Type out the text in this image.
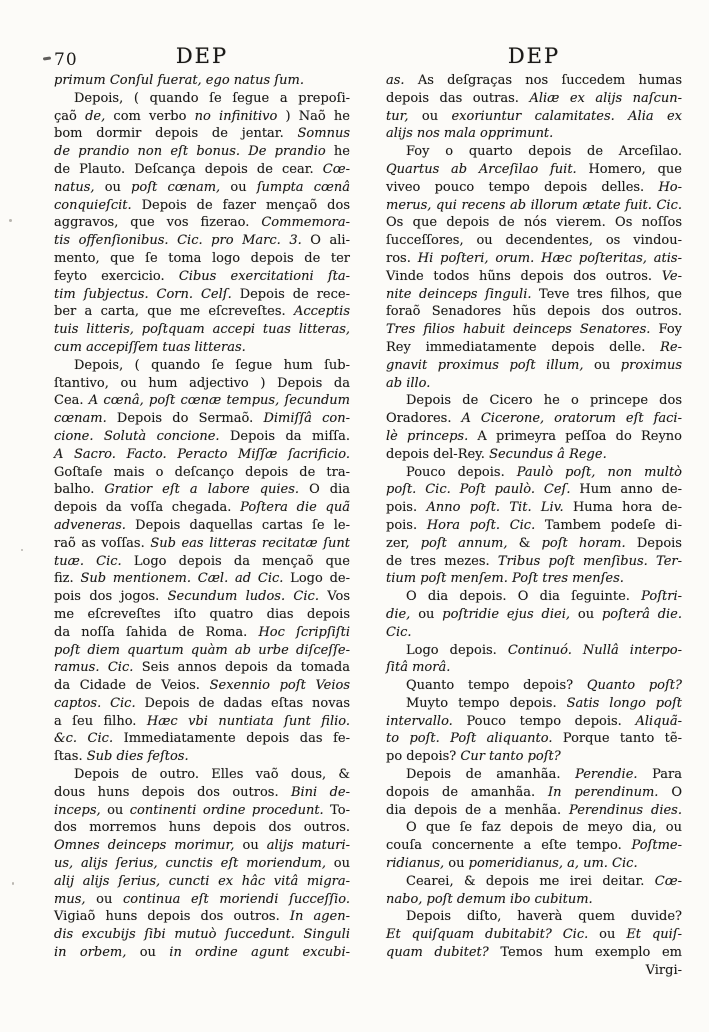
70	DEP	DEP
primum Conſul fuerat, ego natus ſum.
Depois, ( quando ſe ſegue a prepoſi-
çaõ de, com verbo no infinitivo ) Naõ he
bom dormir depois de jentar. Somnus
de prandio non eſt bonus. De prandio he
de Plauto. Deſcança depois de cear. Cœ-
natus, ou poſt cœnam, ou ſumpta cœnâ
conquieſcit. Depois de fazer mençaõ dos
aggravos, que vos fizerao. Commemora-
tis offenſionibus. Cic. pro Marc. 3. O ali-
mento, que ſe toma logo depois de ter
feyto exercicio. Cibus exercitationi ſta-
tim ſubjectus. Corn. Celſ. Depois de rece-
ber a carta, que me eſcreveſtes. Acceptis
tuis litteris, poſtquam accepi tuas litteras,
cum accepiſſem tuas litteras.
Depois, ( quando ſe ſegue hum ſub-
ſtantivo, ou hum adjectivo ) Depois da
Cea. A cœnâ, poſt cœnæ tempus, ſecundum
cœnam. Depois do Sermaõ. Dimiſſâ con-
cione. Solutà concione. Depois da miſſa.
A Sacro. Facto. Peracto Miſſæ ſacrificio.
Goſtaſe mais o deſcanço depois de tra-
balho. Gratior eſt a labore quies. O dia
depois da voſſa chegada. Poſtera die quã
adveneras. Depois daquellas cartas ſe le-
raõ as voſſas. Sub eas litteras recitatæ ſunt
tuæ. Cic. Logo depois da mençaõ que
fiz. Sub mentionem. Cæl. ad Cic. Logo de-
pois dos jogos. Secundum ludos. Cic. Vos
me eſcreveſtes iſto quatro dias depois
da noſſa ſahida de Roma. Hoc ſcripſiſti
poſt diem quartum quàm ab urbe diſceſſe-
ramus. Cic. Seis annos depois da tomada
da Cidade de Veios. Sexennio poſt Veios
captos. Cic. Depois de dadas eſtas novas
a ſeu filho. Hæc vbi nuntiata ſunt filio.
&c. Cic. Immediatamente depois das fe-
ſtas. Sub dies feſtos.
Depois de outro. Elles vaõ dous, &
dous huns depois dos outros. Bini de-
inceps, ou continenti ordine procedunt. To-
dos morremos huns depois dos outros.
Omnes deinceps morimur, ou alijs maturi-
us, alijs ſerius, cunctis eſt moriendum, ou
alij alijs ſerius, cuncti ex hâc vitâ migra-
mus, ou continua eſt moriendi ſucceſſio.
Vigiaõ huns depois dos outros. In agen-
dis excubijs ſibi mutuò ſuccedunt. Singuli
in orbem, ou in ordine agunt excubi-
as. As deſgraças nos ſuccedem humas
depois das outras. Aliæ ex alijs naſcun-
tur, ou exoriuntur calamitates. Alia ex
alijs nos mala opprimunt.
Foy o quarto depois de Arceſilao.
Quartus ab Arceſilao fuit. Homero, que
viveo pouco tempo depois delles. Ho-
merus, qui recens ab illorum ætate fuit. Cic.
Os que depois de nós vierem. Os noſſos
ſucceſſores, ou decendentes, os vindou-
ros. Hi poſteri, orum. Hæc poſteritas, atis-
Vinde todos hũns depois dos outros. Ve-
nite deinceps ſinguli. Teve tres filhos, que
foraõ Senadores hũs depois dos outros.
Tres filios habuit deinceps Senatores. Foy
Rey immediatamente depois delle. Re-
gnavit proximus poſt illum, ou proximus
ab illo.
Depois de Cicero he o princepe dos
Oradores. A Cicerone, oratorum eſt faci-
lè princeps. A primeyra peſſoa do Reyno
depois del-Rey. Secundus â Rege.
Pouco depois. Paulò poſt, non multò
poſt. Cic. Poſt paulò. Ceſ. Hum anno de-
pois. Anno poſt. Tit. Liv. Huma hora de-
pois. Hora poſt. Cic. Tambem podeſe di-
zer, poſt annum, & poſt horam. Depois
de tres mezes. Tribus poſt menſibus. Ter-
tium poſt menſem. Poſt tres menſes.
O dia depois. O dia ſeguinte. Poſtri-
die, ou poſtridie ejus diei, ou poſterâ die.
Cic.
Logo depois. Continuó. Nullâ interpo-
ſitâ morâ.
Quanto tempo depois? Quanto poſt?
Muyto tempo depois. Satis longo poſt
intervallo. Pouco tempo depois. Aliquã-
to poſt. Poſt aliquanto. Porque tanto tẽ-
po depois? Cur tanto poſt?
Depois de amanhãa. Perendie. Para
dopois de amanhãa. In perendinum. O
dia depois de a menhãa. Perendinus dies.
O que ſe faz depois de meyo dia, ou
couſa concernente a eſte tempo. Poſtme-
ridianus, ou pomeridianus, a, um. Cic.
Cearei, & depois me irei deitar. Cœ-
nabo, poſt demum ibo cubitum.
Depois diſto, haverà quem duvide?
Et quiſquam dubitabit? Cic. ou Et quiſ-
quam dubitet? Temos hum exemplo em
Virgi-
